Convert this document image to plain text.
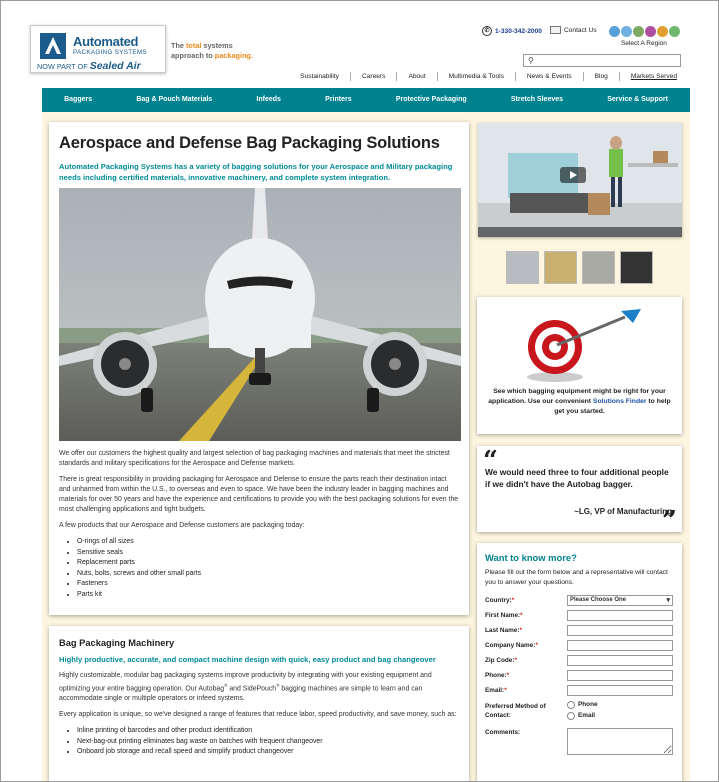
Automated
PACKAGING SYSTEMS
NOW PART OF Sealed Air
The total systems
approach to packaging.
✆ 1-330-342-2000	Contact Us
Select A Region
⚲
Sustainability	Careers	About	Multimedia & Tools	News & Events	Blog	Markets Served
Baggers	Bag & Pouch Materials	Infeeds	Printers	Protective Packaging	Stretch Sleeves	Service & Support
Aerospace and Defense Bag Packaging Solutions
Automated Packaging Systems has a variety of bagging solutions for your Aerospace and Military packaging needs including certified materials, innovative machinery, and complete system integration.

We offer our customers the highest quality and largest selection of bag packaging machines and materials that meet the strictest standards and military specifications for the Aerospace and Defense markets.

There is great responsibility in providing packaging for Aerospace and Defense to ensure the parts reach their destination intact and unharmed from within the U.S., to overseas and even to space. We have been the industry leader in bagging machines and materials for over 50 years and have the experience and certifications to provide you with the best packaging solutions for even the most challenging applications and tight budgets.

A few products that our Aerospace and Defense customers are packaging today:

• O-rings of all sizes
• Sensitive seals
• Replacement parts
• Nuts, bolts, screws and other small parts
• Fasteners
• Parts kit
Bag Packaging Machinery
Highly productive, accurate, and compact machine design with quick, easy product and bag changeover

Highly customizable, modular bag packaging systems improve productivity by integrating with your existing equipment and optimizing your entire bagging operation. Our Autobag® and SidePouch® bagging machines are simple to learn and can accommodate single or multiple operators or infeed systems.

Every application is unique, so we've designed a range of features that reduce labor, speed productivity, and save money, such as:

• Inline printing of barcodes and other product identification
• Next-bag-out printing eliminates bag waste on batches with frequent changeover
• Onboard job storage and recall speed and simplify product changeover
See which bagging equipment might be right for your application. Use our convenient Solutions Finder to help get you started.
“
We would need three to four additional people if we didn't have the Autobag bagger.
~LG, VP of Manufacturing
”
Want to know more?
Please fill out the form below and a representative will contact you to answer your questions.
Country:*	Please Choose One ▾
First Name:*
Last Name:*
Company Name:*
Zip Code:*
Phone:*
Email:*
Preferred Method of Contact:
Phone
Email
Comments:
